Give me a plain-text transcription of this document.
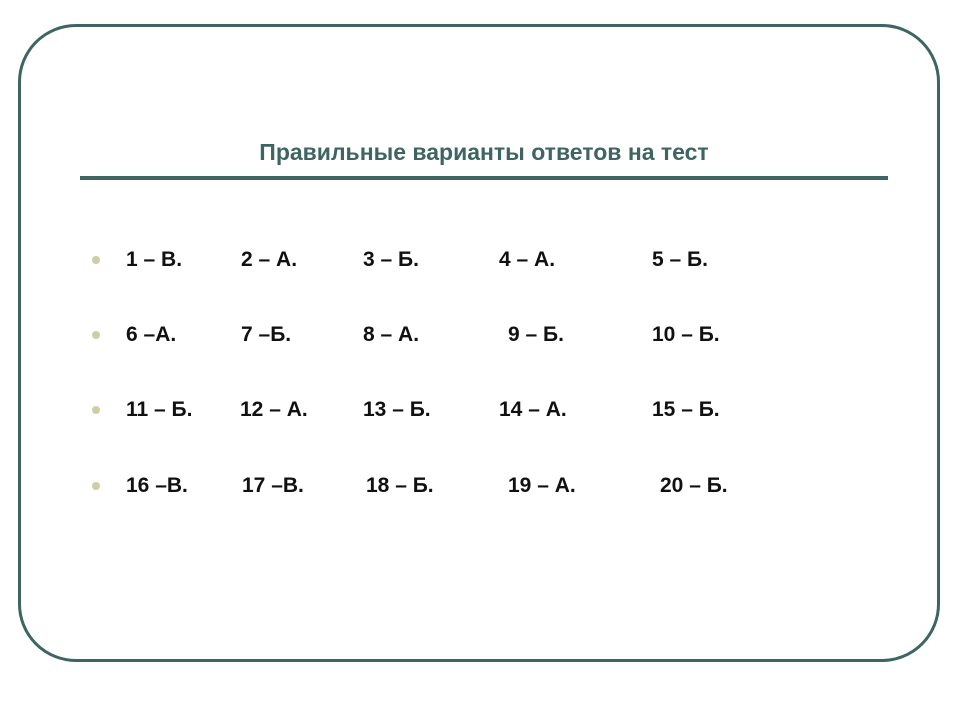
Правильные варианты ответов на тест
1 – В.	2 – А.	3 – Б.	4 – А.	5 – Б.
6 –А.	7 –Б.	8 – А.	9 – Б.	10 – Б.
11 – Б. 12 – А.	13 – Б.	14 – А.	15 – Б.
16 –В.	17 –В.	18 – Б.	19 – А.	20 – Б.
